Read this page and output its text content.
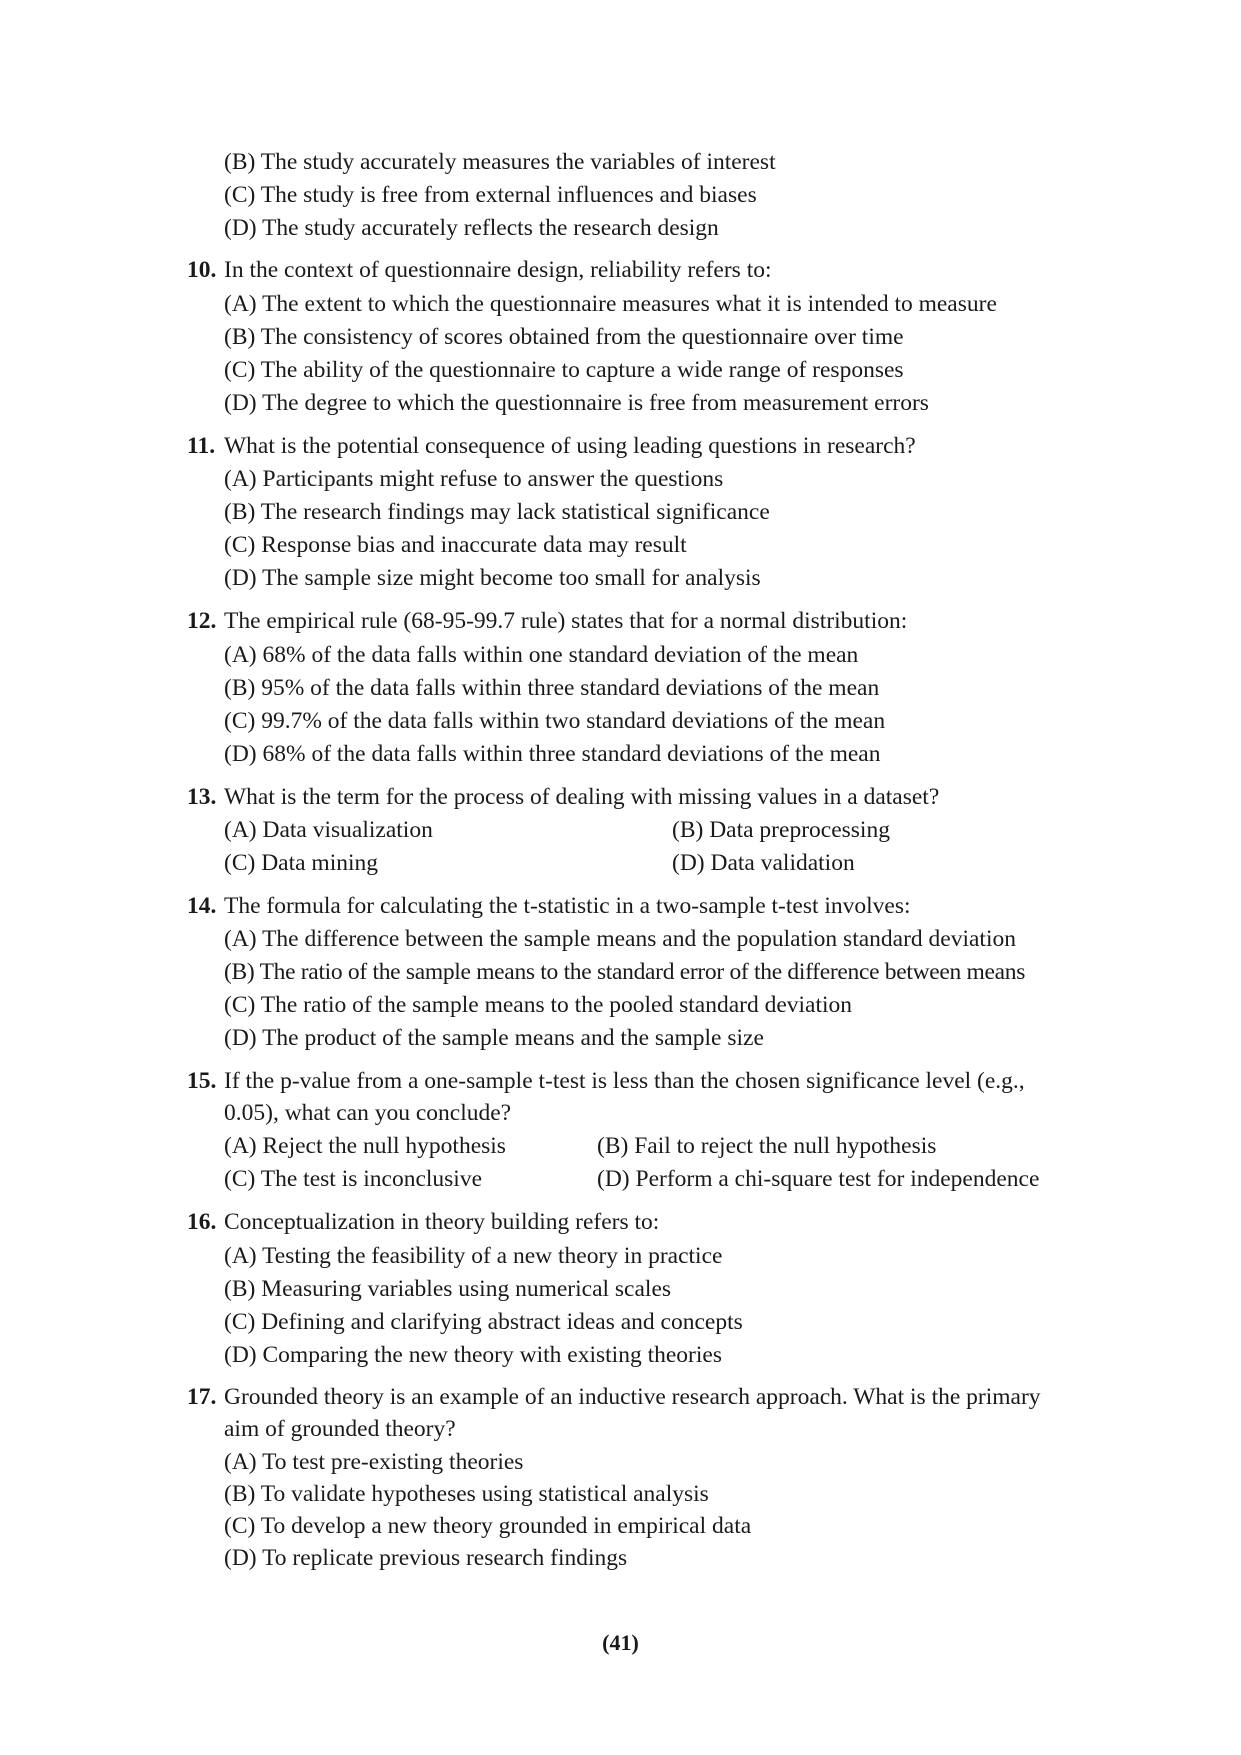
(B) The study accurately measures the variables of interest
(C) The study is free from external influences and biases
(D) The study accurately reflects the research design
10. In the context of questionnaire design, reliability refers to:
(A) The extent to which the questionnaire measures what it is intended to measure
(B) The consistency of scores obtained from the questionnaire over time
(C) The ability of the questionnaire to capture a wide range of responses
(D) The degree to which the questionnaire is free from measurement errors
11. What is the potential consequence of using leading questions in research?
(A) Participants might refuse to answer the questions
(B) The research findings may lack statistical significance
(C) Response bias and inaccurate data may result
(D) The sample size might become too small for analysis
12. The empirical rule (68-95-99.7 rule) states that for a normal distribution:
(A) 68% of the data falls within one standard deviation of the mean
(B) 95% of the data falls within three standard deviations of the mean
(C) 99.7% of the data falls within two standard deviations of the mean
(D) 68% of the data falls within three standard deviations of the mean
13. What is the term for the process of dealing with missing values in a dataset?
(A) Data visualization	(B) Data preprocessing
(C) Data mining	(D) Data validation
14. The formula for calculating the t-statistic in a two-sample t-test involves:
(A) The difference between the sample means and the population standard deviation
(B) The ratio of the sample means to the standard error of the difference between means
(C) The ratio of the sample means to the pooled standard deviation
(D) The product of the sample means and the sample size
15. If the p-value from a one-sample t-test is less than the chosen significance level (e.g.,
0.05), what can you conclude?
(A) Reject the null hypothesis	(B) Fail to reject the null hypothesis
(C) The test is inconclusive	(D) Perform a chi-square test for independence
16. Conceptualization in theory building refers to:
(A) Testing the feasibility of a new theory in practice
(B) Measuring variables using numerical scales
(C) Defining and clarifying abstract ideas and concepts
(D) Comparing the new theory with existing theories
17. Grounded theory is an example of an inductive research approach. What is the primary
aim of grounded theory?
(A) To test pre-existing theories
(B) To validate hypotheses using statistical analysis
(C) To develop a new theory grounded in empirical data
(D) To replicate previous research findings
(41)
